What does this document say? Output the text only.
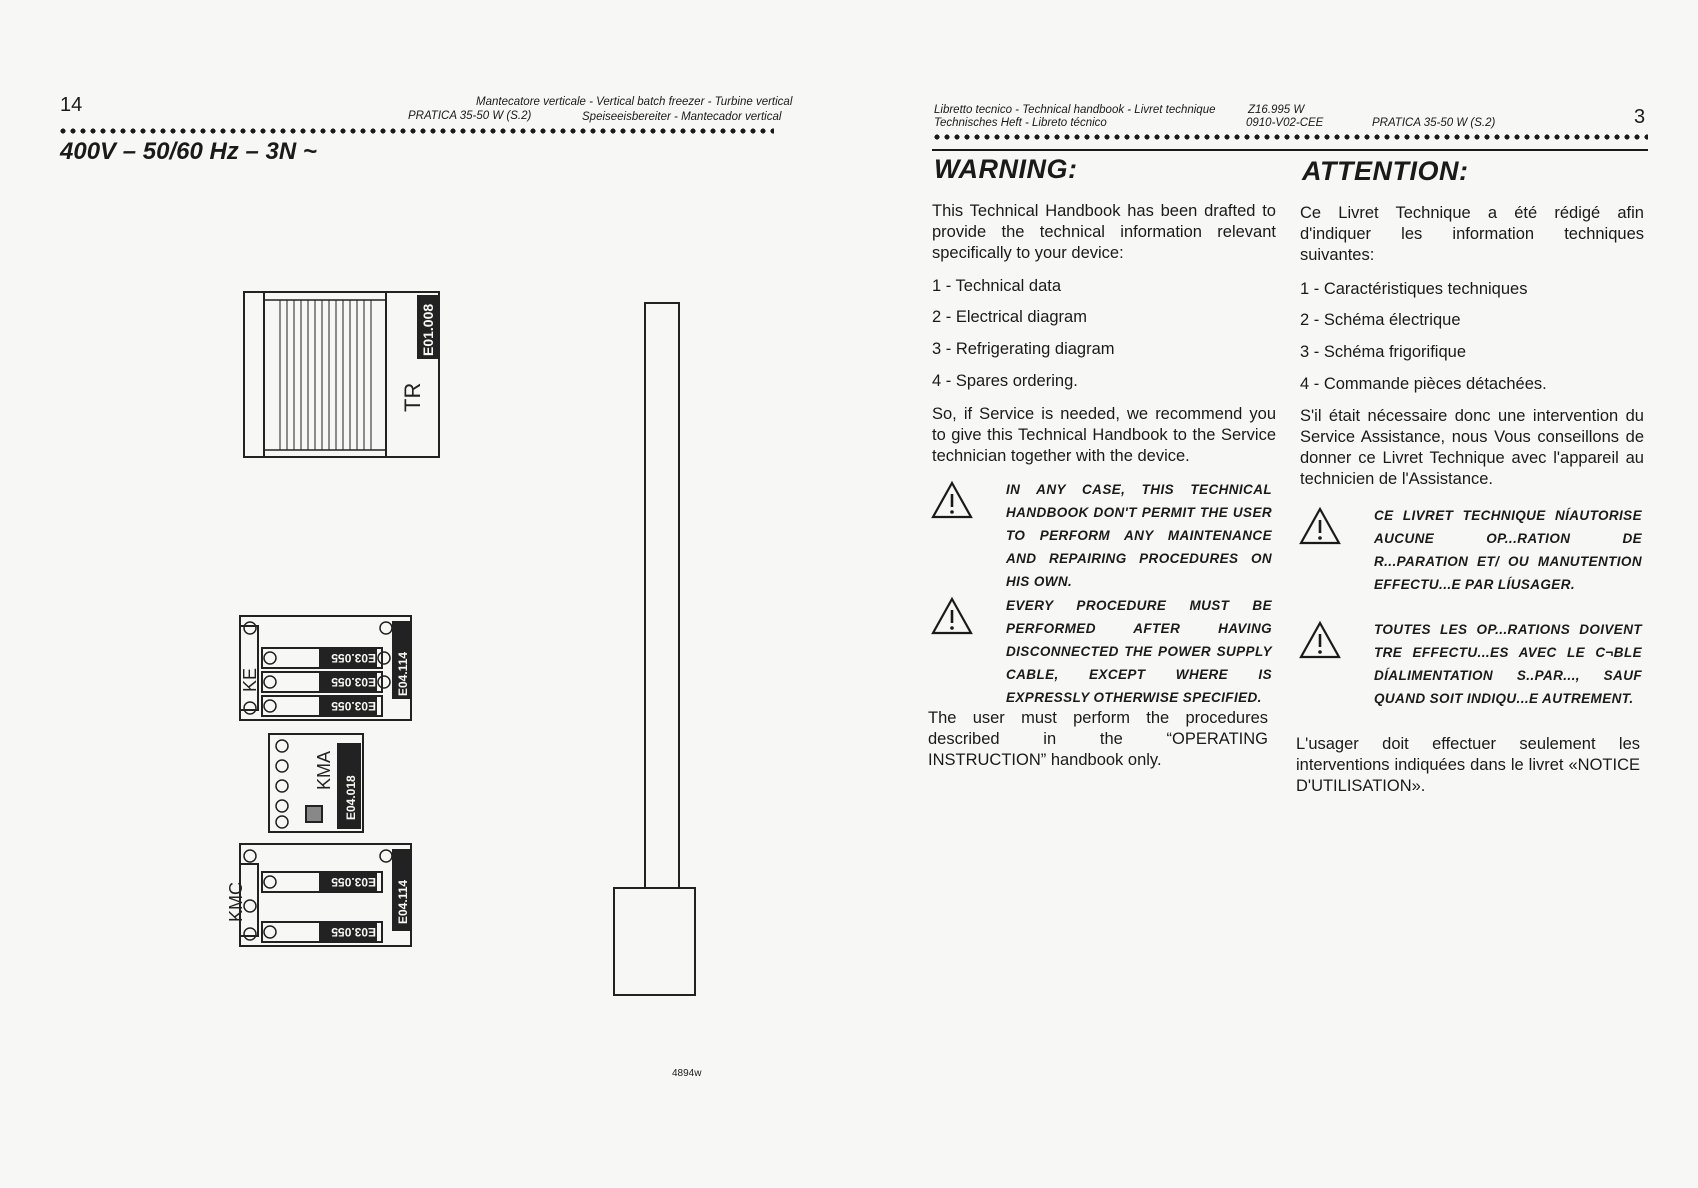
14	Mantecatore verticale - Vertical batch freezer - Turbine vertical
PRATICA 35-50 W (S.2)	Speiseeisbereiter - Mantecador vertical
400V – 50/60 Hz – 3N ~
TR
E01.008
KE	E04.114
E03.055
E03.055
E03.055
KMA
E04.018
KMC	E04.114
E03.055
E03.055
4894w
Libretto tecnico - Technical handbook - Livret technique
Technisches Heft - Libreto técnico
Z16.995 W
0910-V02-CEE	PRATICA 35-50 W (S.2)	3
WARNING:
This Technical Handbook has been drafted to provide the technical information relevant specifically to your device:
1 - Technical data
2 - Electrical diagram
3 - Refrigerating diagram
4 - Spares ordering.
So, if Service is needed, we recommend you to give this Technical Handbook to the Service technician together with the device.
IN ANY CASE, THIS TECHNICAL HANDBOOK DON'T PERMIT THE USER TO PERFORM ANY MAINTENANCE AND REPAIRING PROCEDURES ON HIS OWN.
EVERY PROCEDURE MUST BE PERFORMED AFTER HAVING DISCONNECTED THE POWER SUPPLY CABLE, EXCEPT WHERE IS EXPRESSLY OTHERWISE SPECIFIED.
The user must perform the procedures described in the “OPERATING INSTRUCTION” handbook only.
ATTENTION:
Ce Livret Technique a été rédigé afin d'indiquer les information techniques suivantes:
1 - Caractéristiques techniques
2 - Schéma électrique
3 - Schéma frigorifique
4 - Commande pièces détachées.
S'il était nécessaire donc une intervention du Service Assistance, nous Vous conseillons de donner ce Livret Technique avec l'appareil au technicien de l'Assistance.
CE LIVRET TECHNIQUE NÍAUTORISE AUCUNE OP...RATION DE R...PARATION ET/ OU MANUTENTION EFFECTU...E PAR LÍUSAGER.
TOUTES LES OP...RATIONS DOIVENT TRE EFFECTU...ES AVEC LE C¬BLE DÍALIMENTATION S..PAR..., SAUF QUAND SOIT INDIQU...E AUTREMENT.
L'usager doit effectuer seulement les interventions indiquées dans le livret «NOTICE D'UTILISATION».
